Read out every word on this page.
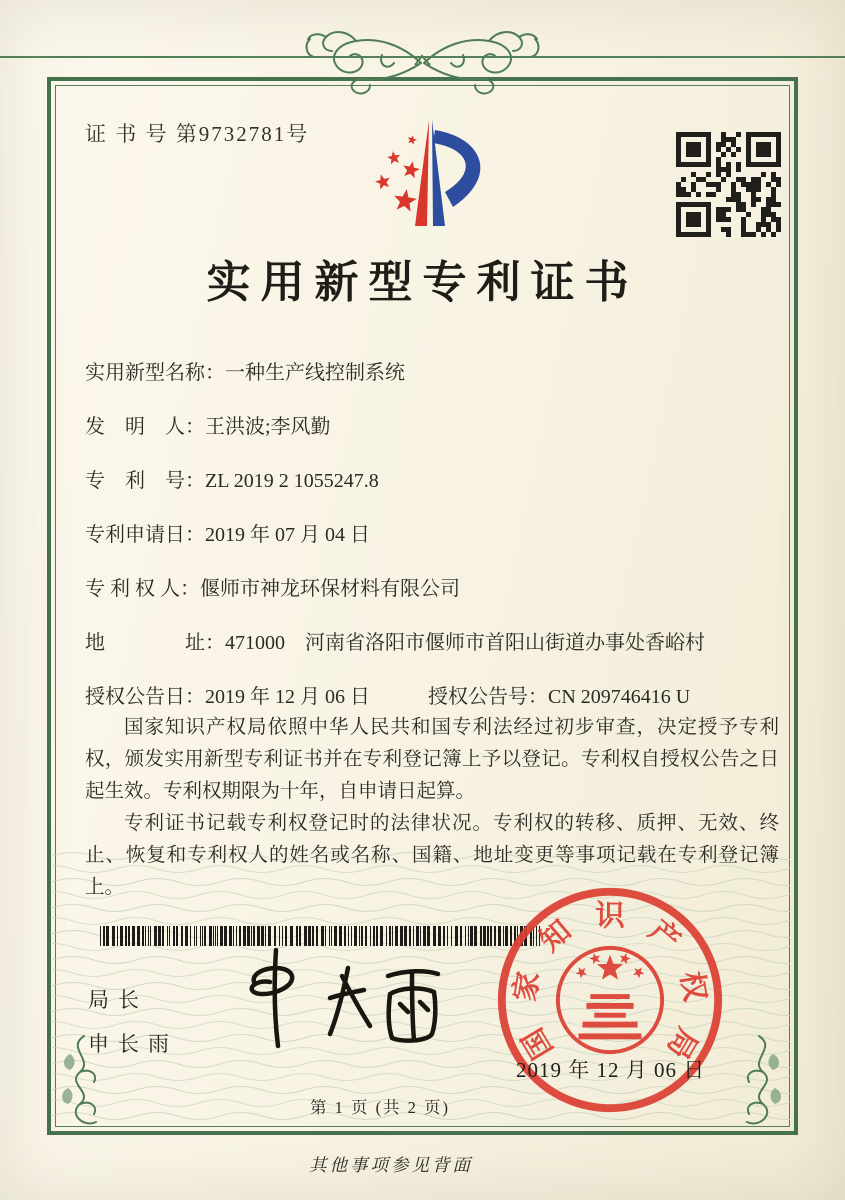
证 书 号 第9732781号
实用新型专利证书
实用新型名称：一种生产线控制系统
发　明　人：王洪波;李风勤
专　利　号：ZL 2019 2 1055247.8
专利申请日：2019 年 07 月 04 日
专 利 权 人：偃师市神龙环保材料有限公司
地　　　　址：471000　河南省洛阳市偃师市首阳山街道办事处香峪村
授权公告日：2019 年 12 月 06 日	授权公告号：CN 209746416 U

国家知识产权局依照中华人民共和国专利法经过初步审查，决定授予专利权，颁发实用新型专利证书并在专利登记簿上予以登记。专利权自授权公告之日起生效。专利权期限为十年，自申请日起算。

专利证书记载专利权登记时的法律状况。专利权的转移、质押、无效、终止、恢复和专利权人的姓名或名称、国籍、地址变更等事项记载在专利登记簿上。

国
家
知 识 产
权
局
2019 年 12 月 06 日
局长
申长雨
第 1 页 (共 2 页)
其他事项参见背面
